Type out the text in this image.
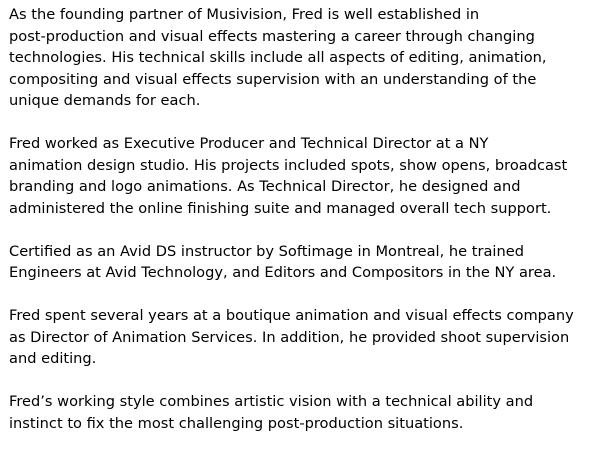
As the founding partner of Musivision, Fred is well established in
post-production and visual effects mastering a career through changing
technologies. His technical skills include all aspects of editing, animation,
compositing and visual effects supervision with an understanding of the
unique demands for each.

Fred worked as Executive Producer and Technical Director at a NY
animation design studio. His projects included spots, show opens, broadcast
branding and logo animations. As Technical Director, he designed and
administered the online finishing suite and managed overall tech support.

Certified as an Avid DS instructor by Softimage in Montreal, he trained
Engineers at Avid Technology, and Editors and Compositors in the NY area.

Fred spent several years at a boutique animation and visual effects company
as Director of Animation Services. In addition, he provided shoot supervision
and editing.

Fred’s working style combines artistic vision with a technical ability and
instinct to fix the most challenging post-production situations.
